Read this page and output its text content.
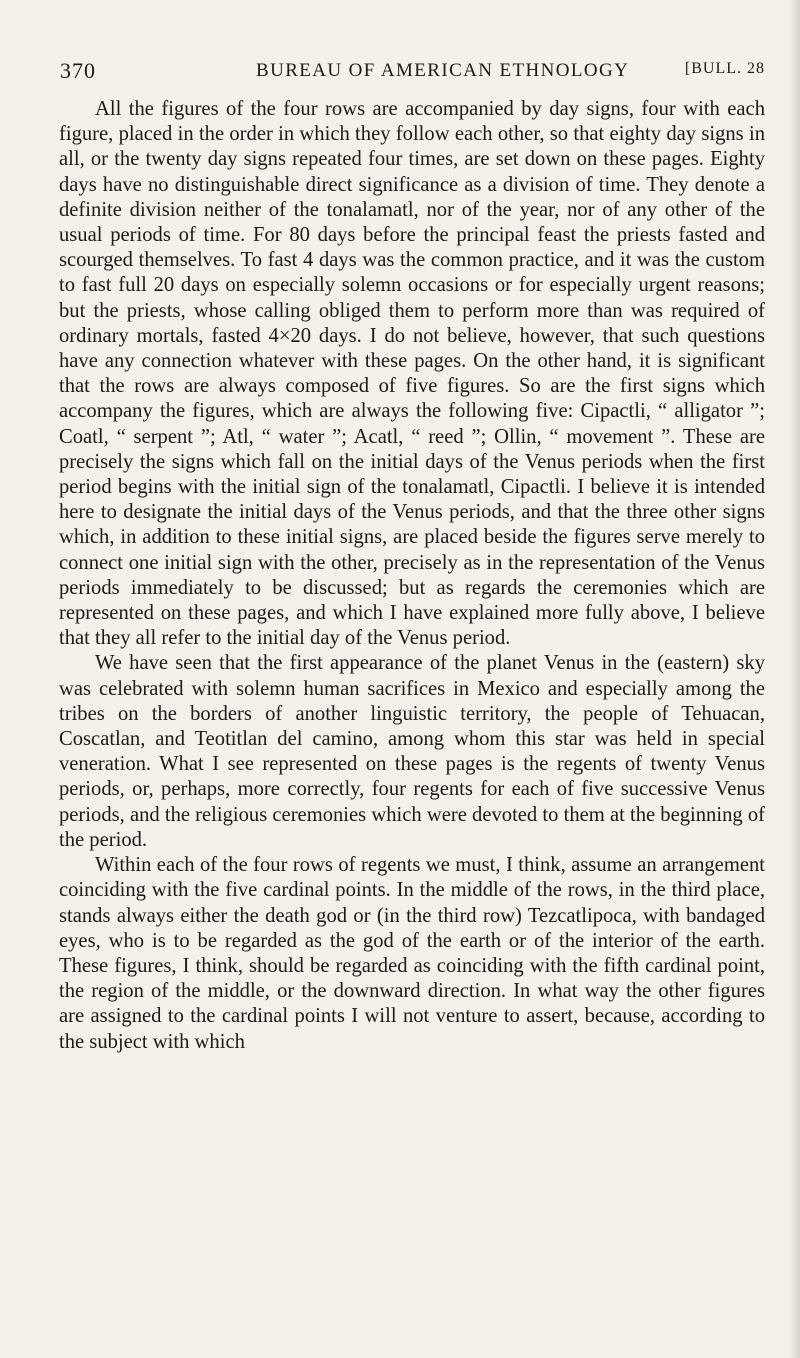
370	BUREAU OF AMERICAN ETHNOLOGY	[BULL. 28

All the figures of the four rows are accompanied by day signs, four with each figure, placed in the order in which they follow each other, so that eighty day signs in all, or the twenty day signs repeated four times, are set down on these pages. Eighty days have no distinguishable direct significance as a division of time. They denote a definite division neither of the tonalamatl, nor of the year, nor of any other of the usual periods of time. For 80 days before the principal feast the priests fasted and scourged themselves. To fast 4 days was the common practice, and it was the custom to fast full 20 days on especially solemn occasions or for especially urgent reasons; but the priests, whose calling obliged them to perform more than was required of ordinary mortals, fasted 4×20 days. I do not believe, however, that such questions have any connection whatever with these pages. On the other hand, it is significant that the rows are always composed of five figures. So are the first signs which accompany the figures, which are always the following five: Cipactli, “ alligator ”; Coatl, “ serpent ”; Atl, “ water ”; Acatl, “ reed ”; Ollin, “ movement ”. These are precisely the signs which fall on the initial days of the Venus periods when the first period begins with the initial sign of the tonalamatl, Cipactli. I believe it is intended here to designate the initial days of the Venus periods, and that the three other signs which, in addition to these initial signs, are placed beside the figures serve merely to connect one initial sign with the other, precisely as in the representation of the Venus periods immediately to be discussed; but as regards the ceremonies which are represented on these pages, and which I have explained more fully above, I believe that they all refer to the initial day of the Venus period.

We have seen that the first appearance of the planet Venus in the (eastern) sky was celebrated with solemn human sacrifices in Mexico and especially among the tribes on the borders of another linguistic territory, the people of Tehuacan, Coscatlan, and Teotitlan del camino, among whom this star was held in special veneration. What I see represented on these pages is the regents of twenty Venus periods, or, perhaps, more correctly, four regents for each of five successive Venus periods, and the religious ceremonies which were devoted to them at the beginning of the period.

Within each of the four rows of regents we must, I think, assume an arrangement coinciding with the five cardinal points. In the middle of the rows, in the third place, stands always either the death god or (in the third row) Tezcatlipoca, with bandaged eyes, who is to be regarded as the god of the earth or of the interior of the earth. These figures, I think, should be regarded as coinciding with the fifth cardinal point, the region of the middle, or the downward direction. In what way the other figures are assigned to the cardinal points I will not venture to assert, because, according to the subject with which
